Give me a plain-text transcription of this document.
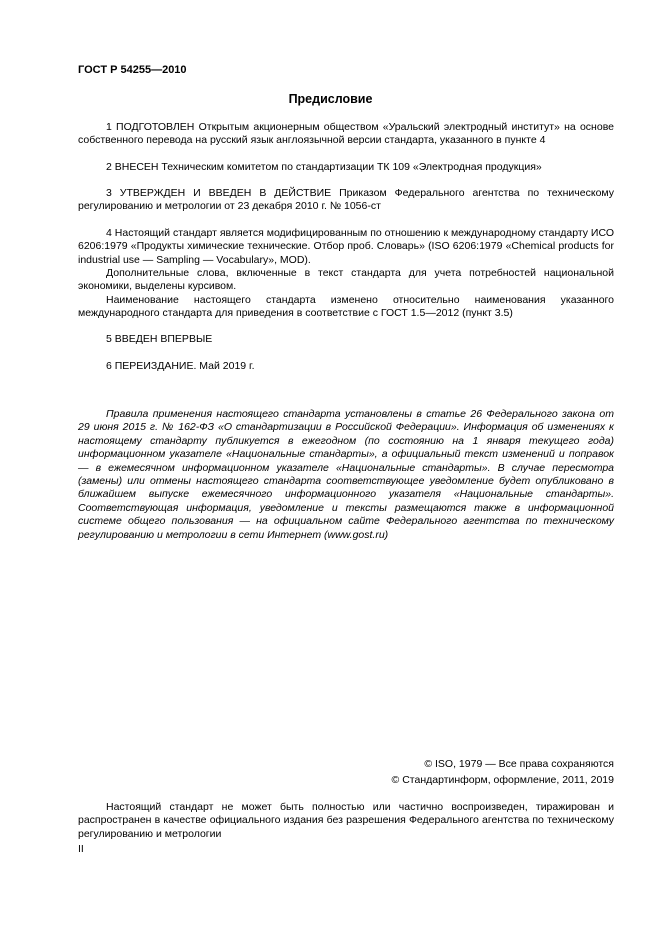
ГОСТ Р 54255—2010
Предисловие

1 ПОДГОТОВЛЕН Открытым акционерным обществом «Уральский электродный институт» на основе собственного перевода на русский язык англоязычной версии стандарта, указанного в пункте 4

2 ВНЕСЕН Техническим комитетом по стандартизации ТК 109 «Электродная продукция»

3 УТВЕРЖДЕН И ВВЕДЕН В ДЕЙСТВИЕ Приказом Федерального агентства по техническому регулированию и метрологии от 23 декабря 2010 г. № 1056-ст

4 Настоящий стандарт является модифицированным по отношению к международному стандарту ИСО 6206:1979 «Продукты химические технические. Отбор проб. Словарь» (ISO 6206:1979 «Chemical products for industrial use — Sampling — Vocabulary», MOD).

Дополнительные слова, включенные в текст стандарта для учета потребностей национальной экономики, выделены курсивом.

Наименование настоящего стандарта изменено относительно наименования указанного международного стандарта для приведения в соответствие с ГОСТ 1.5—2012 (пункт 3.5)

5 ВВЕДЕН ВПЕРВЫЕ

6 ПЕРЕИЗДАНИЕ. Май 2019 г.

Правила применения настоящего стандарта установлены в статье 26 Федерального закона от 29 июня 2015 г. № 162-ФЗ «О стандартизации в Российской Федерации». Информация об изменениях к настоящему стандарту публикуется в ежегодном (по состоянию на 1 января текущего года) информационном указателе «Национальные стандарты», а официальный текст изменений и поправок — в ежемесячном информационном указателе «Национальные стандарты». В случае пересмотра (замены) или отмены настоящего стандарта соответствующее уведомление будет опубликовано в ближайшем выпуске ежемесячного информационного указателя «Национальные стандарты». Соответствующая информация, уведомление и тексты размещаются также в информационной системе общего пользования — на официальном сайте Федерального агентства по техническому регулированию и метрологии в сети Интернет (www.gost.ru)

© ISO, 1979 — Все права сохраняются
© Стандартинформ, оформление, 2011, 2019

Настоящий стандарт не может быть полностью или частично воспроизведен, тиражирован и распространен в качестве официального издания без разрешения Федерального агентства по техническому регулированию и метрологии

II
